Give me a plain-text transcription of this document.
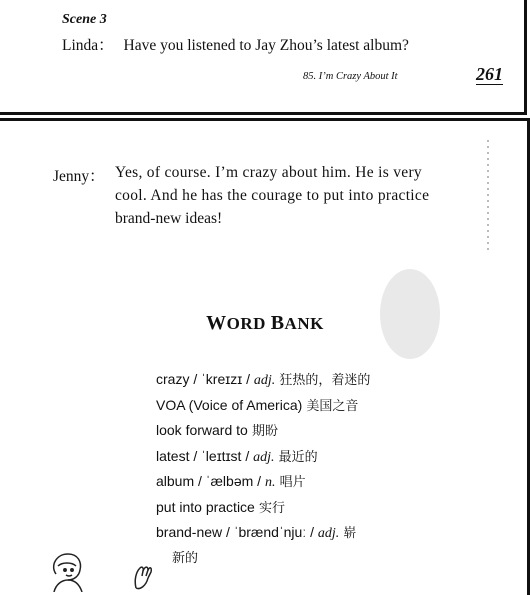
Scene 3
Linda： Have you listened to Jay Zhou’s latest album?
85. I’m Crazy About It	261
Jenny： Yes, of course. I’m crazy about him. He is very
cool. And he has the courage to put into practice
brand-new ideas!
WORD BANK
crazy / ˈkreɪzɪ / adj. 狂热的，着迷的
VOA (Voice of America) 美国之音
look forward to 期盼
latest / ˈleɪtɪst / adj. 最近的
album / ˈælbəm / n. 唱片
put into practice 实行
brand-new / ˈbrændˈnjuː / adj. 崭
新的
